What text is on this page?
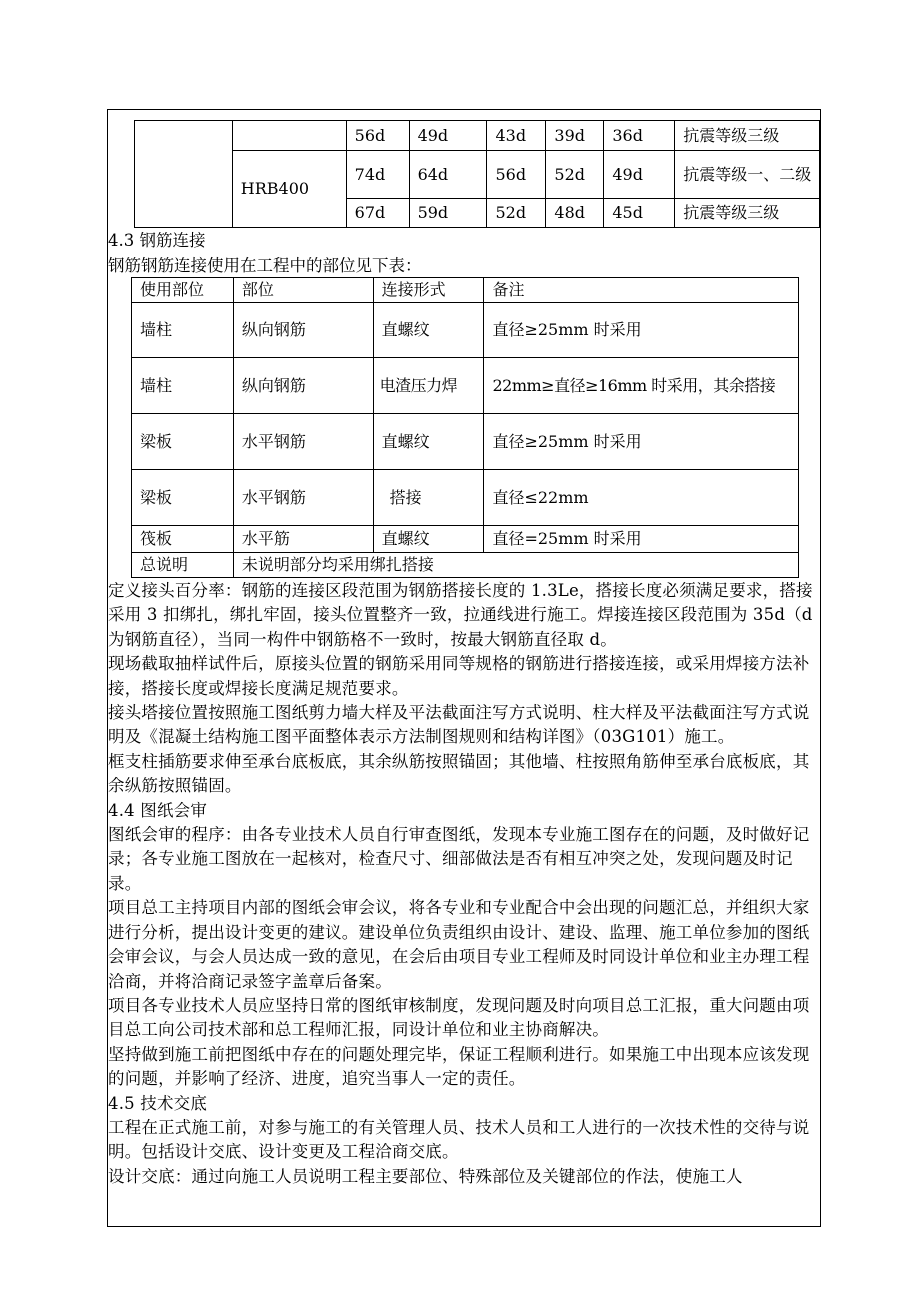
		56d	49d	43d	39d	36d	抗震等级三级
	HRB400	74d	64d	56d	52d	49d	抗震等级一、二级
		67d	59d	52d	48d	45d	抗震等级三级
4.3 钢筋连接
钢筋钢筋连接使用在工程中的部位见下表：
使用部位	部位	连接形式	备注
墙柱	纵向钢筋	直螺纹	直径≥25mm 时采用
墙柱	纵向钢筋	电渣压力焊	22mm≥直径≥16mm 时采用，其余搭接
梁板	水平钢筋	直螺纹	直径≥25mm 时采用
梁板	水平钢筋	搭接	直径≤22mm
筏板	水平筋	直螺纹	直径=25mm 时采用
总说明	未说明部分均采用绑扎搭接		

定义接头百分率：钢筋的连接区段范围为钢筋搭接长度的 1.3Le，搭接长度必须满足要求，搭接采用 3 扣绑扎，绑扎牢固，接头位置整齐一致，拉通线进行施工。焊接连接区段范围为 35d（d 为钢筋直径），当同一构件中钢筋格不一致时，按最大钢筋直径取 d。

现场截取抽样试件后，原接头位置的钢筋采用同等规格的钢筋进行搭接连接，或采用焊接方法补接，搭接长度或焊接长度满足规范要求。

接头塔接位置按照施工图纸剪力墙大样及平法截面注写方式说明、柱大样及平法截面注写方式说明及《混凝土结构施工图平面整体表示方法制图规则和结构详图》（03G101）施工。

框支柱插筋要求伸至承台底板底，其余纵筋按照锚固；其他墙、柱按照角筋伸至承台底板底，其余纵筋按照锚固。

4.4 图纸会审

图纸会审的程序：由各专业技术人员自行审查图纸，发现本专业施工图存在的问题，及时做好记录；各专业施工图放在一起核对，检查尺寸、细部做法是否有相互冲突之处，发现问题及时记录。

项目总工主持项目内部的图纸会审会议，将各专业和专业配合中会出现的问题汇总，并组织大家进行分析，提出设计变更的建议。建设单位负责组织由设计、建设、监理、施工单位参加的图纸会审会议，与会人员达成一致的意见，在会后由项目专业工程师及时同设计单位和业主办理工程洽商，并将洽商记录签字盖章后备案。

项目各专业技术人员应坚持日常的图纸审核制度，发现问题及时向项目总工汇报，重大问题由项目总工向公司技术部和总工程师汇报，同设计单位和业主协商解决。

坚持做到施工前把图纸中存在的问题处理完毕，保证工程顺利进行。如果施工中出现本应该发现的问题，并影响了经济、进度，追究当事人一定的责任。

4.5 技术交底

工程在正式施工前，对参与施工的有关管理人员、技术人员和工人进行的一次技术性的交待与说明。包括设计交底、设计变更及工程洽商交底。

设计交底：通过向施工人员说明工程主要部位、特殊部位及关键部位的作法，使施工人
